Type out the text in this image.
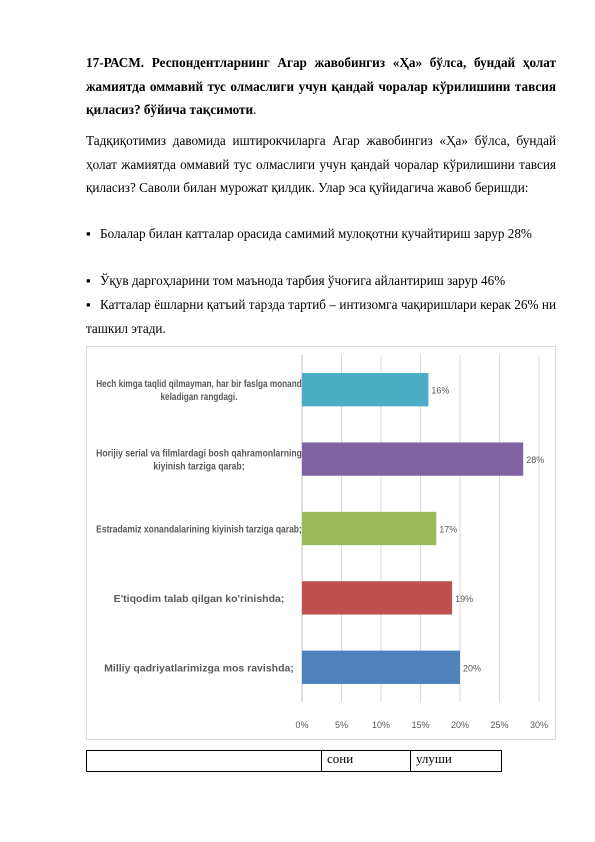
17-РАСМ. Респондентларнинг Агар жавобингиз «Ҳа» бўлса, бундай ҳолат жамиятда оммавий тус олмаслиги учун қандай чоралар кўрилишини тавсия қиласиз? бўйича тақсимоти.
Тадқиқотимиз давомида иштирокчиларга Агар жавобингиз «Ҳа» бўлса, бундай ҳолат жамиятда оммавий тус олмаслиги учун қандай чоралар кўрилишини тавсия қиласиз? Саволи билан мурожат қилдик. Улар эса қуйидагича жавоб беришди:
▪ Болалар билан катталар орасида самимий мулоқотни кучайтириш зарур 28%
▪ Ўқув даргоҳларини том маънода тарбия ўчоғига айлантириш зарур 46%
▪ Катталар ёшларни қатъий тарзда тартиб – интизомга чақиришлари керак 26% ни ташкил этади.
0%	5%	10% 15% 20% 25% 30%
16%
Hech kimga taqlid qilmayman, har bir faslga monand keladigan rangdagi.
28%
Horijiy serial va filmlardagi bosh qahramonlarning kiyinish tarziga qarab;
17%
Estradamiz xonandalarining kiyinish tarziga qarab;
19%
E'tiqodim talab qilgan ko'rinishda;
20%
Milliy qadriyatlarimizga mos ravishda;
	сони	улуши
